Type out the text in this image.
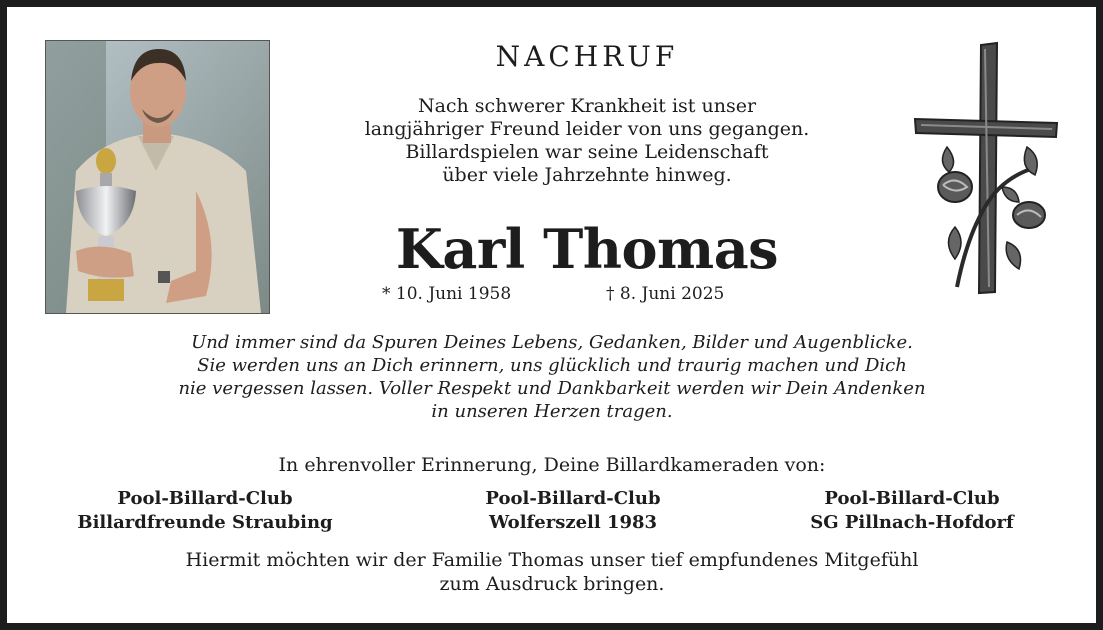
NACHRUF
Nach schwerer Krankheit ist unser
langjähriger Freund leider von uns gegangen.
Billardspielen war seine Leidenschaft
über viele Jahrzehnte hinweg.
Karl Thomas
* 10. Juni 1958	† 8. Juni 2025
Und immer sind da Spuren Deines Lebens, Gedanken, Bilder und Augenblicke.
Sie werden uns an Dich erinnern, uns glücklich und traurig machen und Dich
nie vergessen lassen. Voller Respekt und Dankbarkeit werden wir Dein Andenken
in unseren Herzen tragen.
In ehrenvoller Erinnerung, Deine Billardkameraden von:
Pool-Billard-Club
Billardfreunde Straubing
Pool-Billard-Club
Wolferszell 1983
Pool-Billard-Club
SG Pillnach-Hofdorf
Hiermit möchten wir der Familie Thomas unser tief empfundenes Mitgefühl
zum Ausdruck bringen.
